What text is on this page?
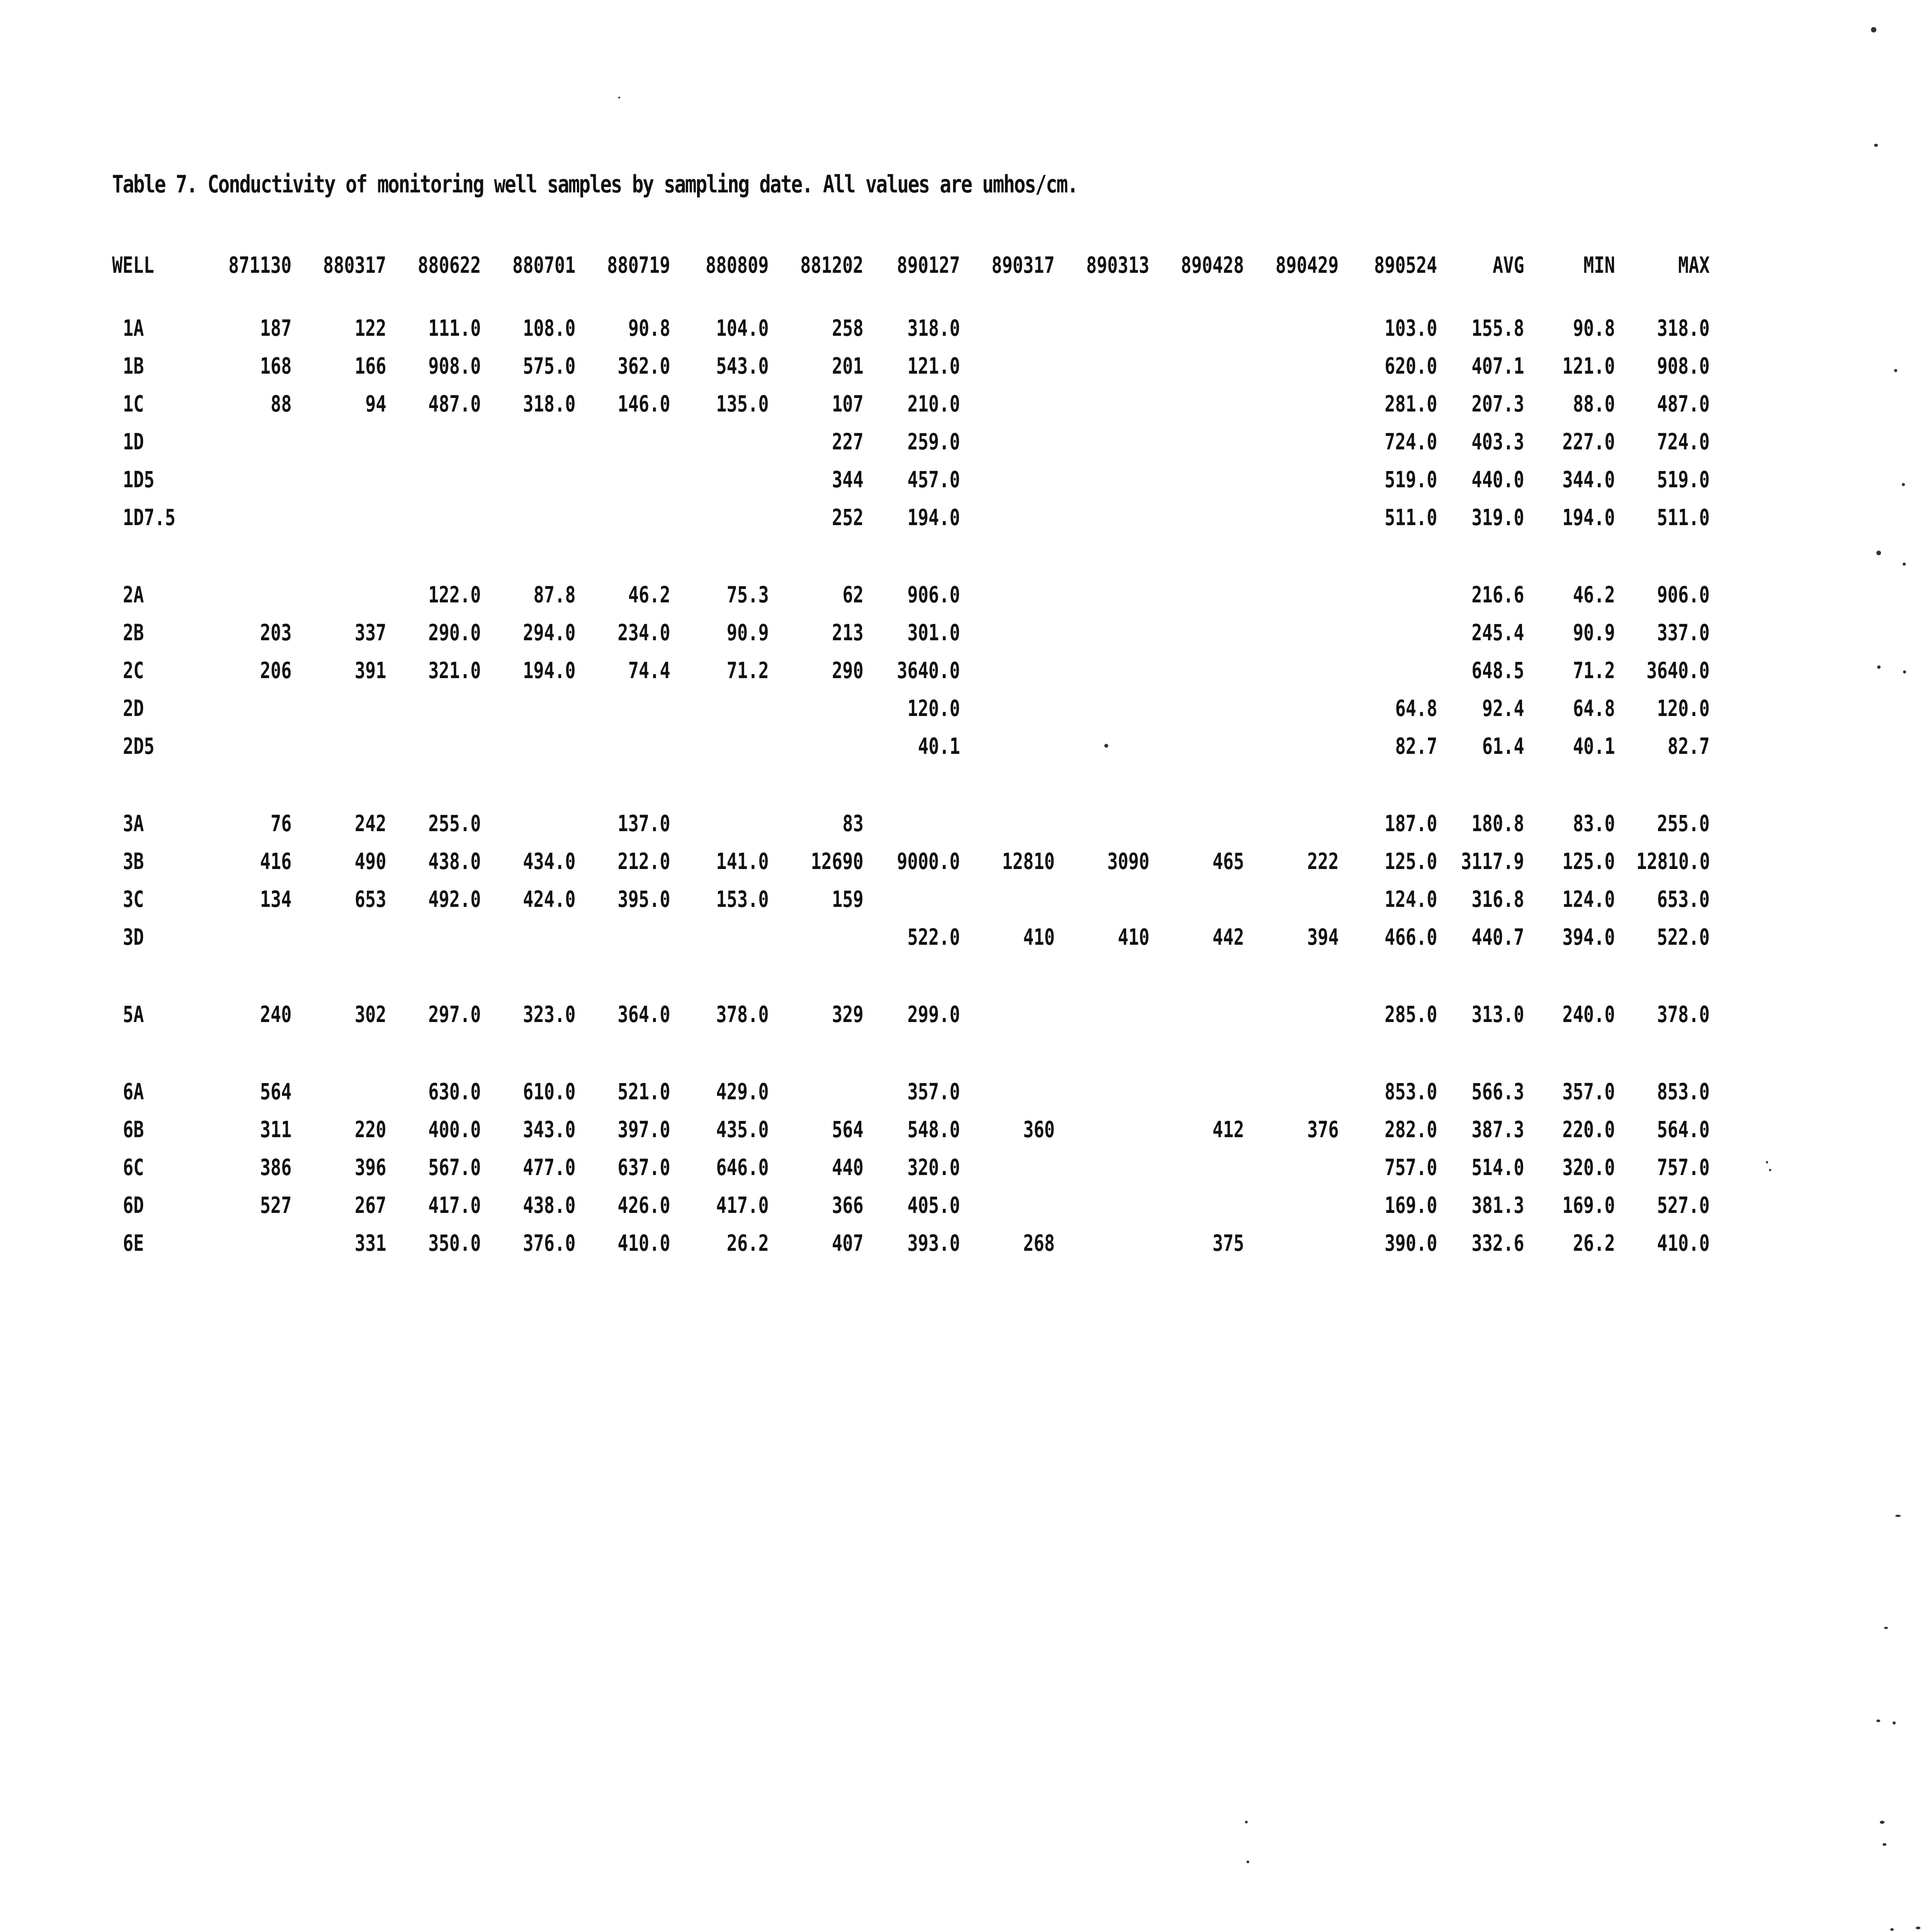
Table 7. Conductivity of monitoring well samples by sampling date. All values are umhos/cm.
WELL	871130	880317	880622	880701	880719	880809	881202	890127	890317	890313	890428	890429	890524	AVG	MIN	MAX

1A	187	122	111.0	108.0	90.8	104.0	258	318.0					103.0	155.8	90.8	318.0
1B	168	166	908.0	575.0	362.0	543.0	201	121.0					620.0	407.1	121.0	908.0
1C	88	94	487.0	318.0	146.0	135.0	107	210.0					281.0	207.3	88.0	487.0
1D							227	259.0					724.0	403.3	227.0	724.0
1D5							344	457.0					519.0	440.0	344.0	519.0
1D7.5							252	194.0					511.0	319.0	194.0	511.0

2A			122.0	87.8	46.2	75.3	62	906.0						216.6	46.2	906.0
2B	203	337	290.0	294.0	234.0	90.9	213	301.0						245.4	90.9	337.0
2C	206	391	321.0	194.0	74.4	71.2	290	3640.0						648.5	71.2	3640.0
2D								120.0					64.8	92.4	64.8	120.0
2D5								40.1					82.7	61.4	40.1	82.7

3A	76	242	255.0		137.0		83						187.0	180.8	83.0	255.0
3B	416	490	438.0	434.0	212.0	141.0	12690	9000.0	12810	3090	465	222	125.0	3117.9	125.0	12810.0
3C	134	653	492.0	424.0	395.0	153.0	159						124.0	316.8	124.0	653.0
3D								522.0	410	410	442	394	466.0	440.7	394.0	522.0

5A	240	302	297.0	323.0	364.0	378.0	329	299.0					285.0	313.0	240.0	378.0

6A	564		630.0	610.0	521.0	429.0		357.0					853.0	566.3	357.0	853.0
6B	311	220	400.0	343.0	397.0	435.0	564	548.0	360		412	376	282.0	387.3	220.0	564.0
6C	386	396	567.0	477.0	637.0	646.0	440	320.0					757.0	514.0	320.0	757.0
6D	527	267	417.0	438.0	426.0	417.0	366	405.0					169.0	381.3	169.0	527.0
6E		331	350.0	376.0	410.0	26.2	407	393.0	268		375		390.0	332.6	26.2	410.0
